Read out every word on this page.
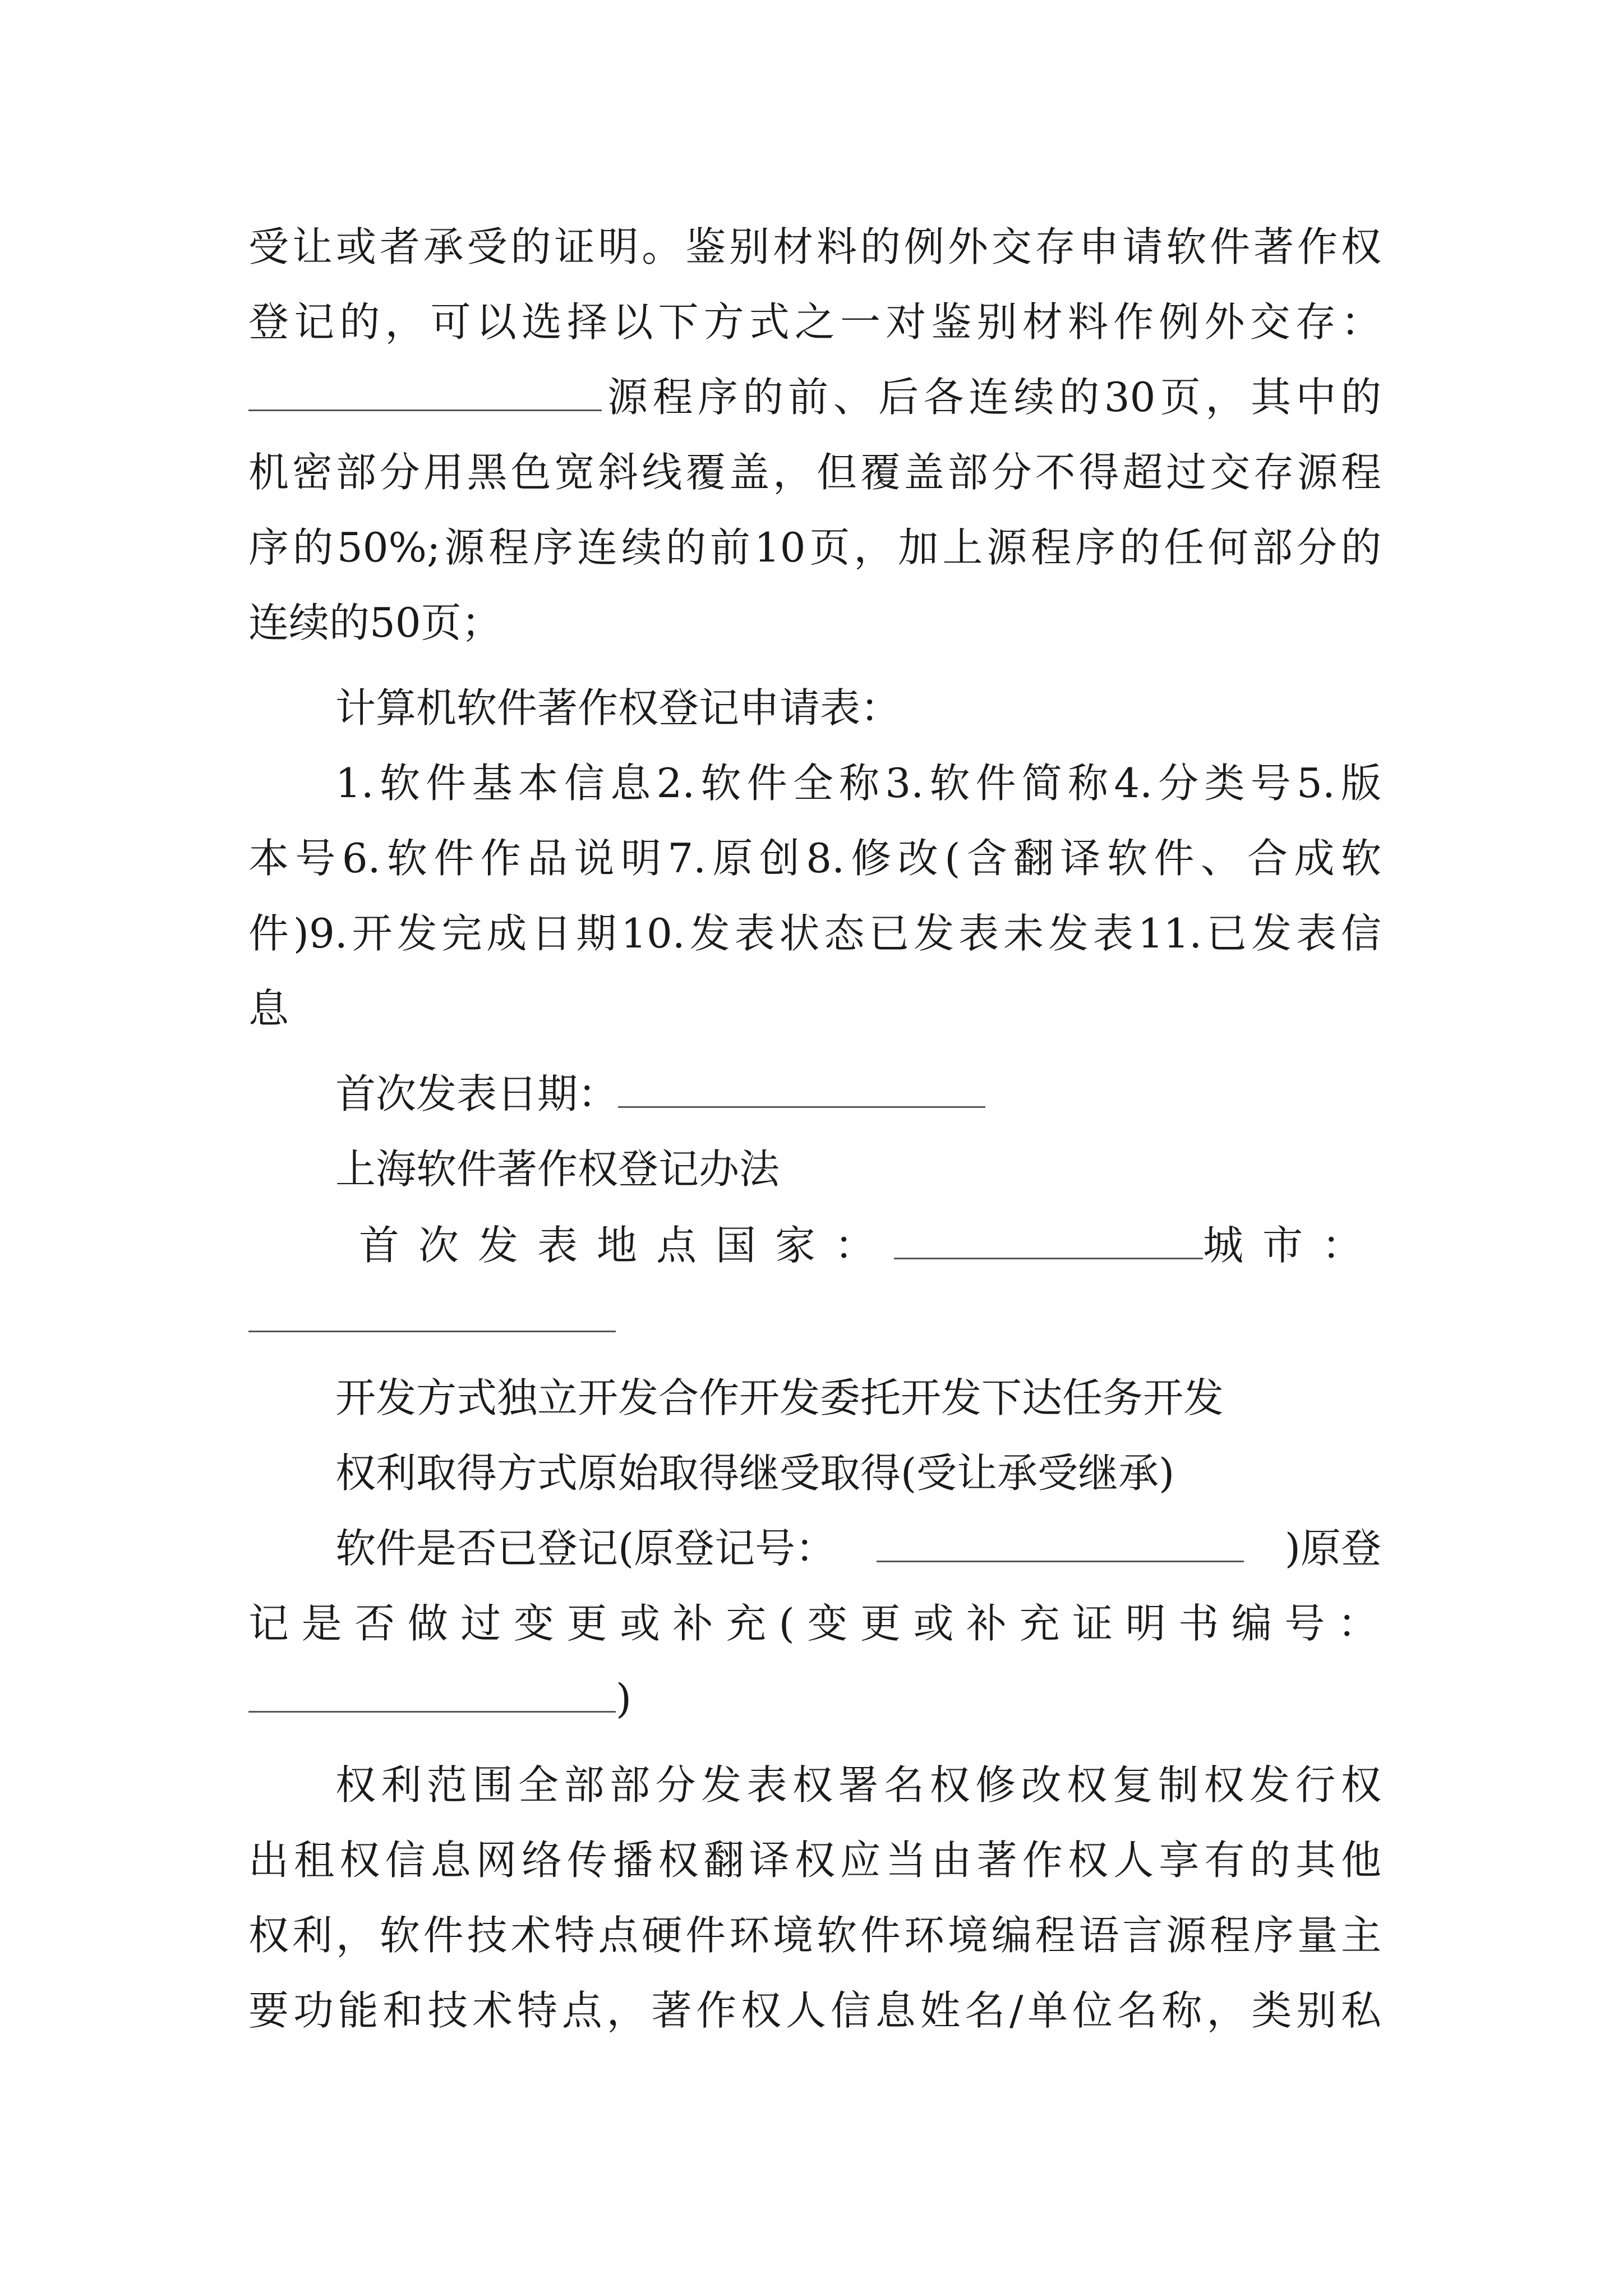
受让或者承受的证明。鉴别材料的例外交存申请软件著作权
登记的，可以选择以下方式之一对鉴别材料作例外交存：
源程序的前、后各连续的30页，其中的
机密部分用黑色宽斜线覆盖，但覆盖部分不得超过交存源程
序的50%;源程序连续的前10页，加上源程序的任何部分的
连续的50页；
计算机软件著作权登记申请表：
1.软件基本信息2.软件全称3.软件简称4.分类号5.版
本号6.软件作品说明7.原创8.修改(含翻译软件、合成软
件)9.开发完成日期10.发表状态已发表未发表11.已发表信
息
首次发表日期：
上海软件著作权登记办法
首次发表地点国家：	城市：
开发方式独立开发合作开发委托开发下达任务开发
权利取得方式原始取得继受取得(受让承受继承)
软件是否已登记(原登记号：	)原登
记是否做过变更或补充(变更或补充证明书编号：
)
权利范围全部部分发表权署名权修改权复制权发行权
出租权信息网络传播权翻译权应当由著作权人享有的其他
权利，软件技术特点硬件环境软件环境编程语言源程序量主
要功能和技术特点，著作权人信息姓名/单位名称，类别私
